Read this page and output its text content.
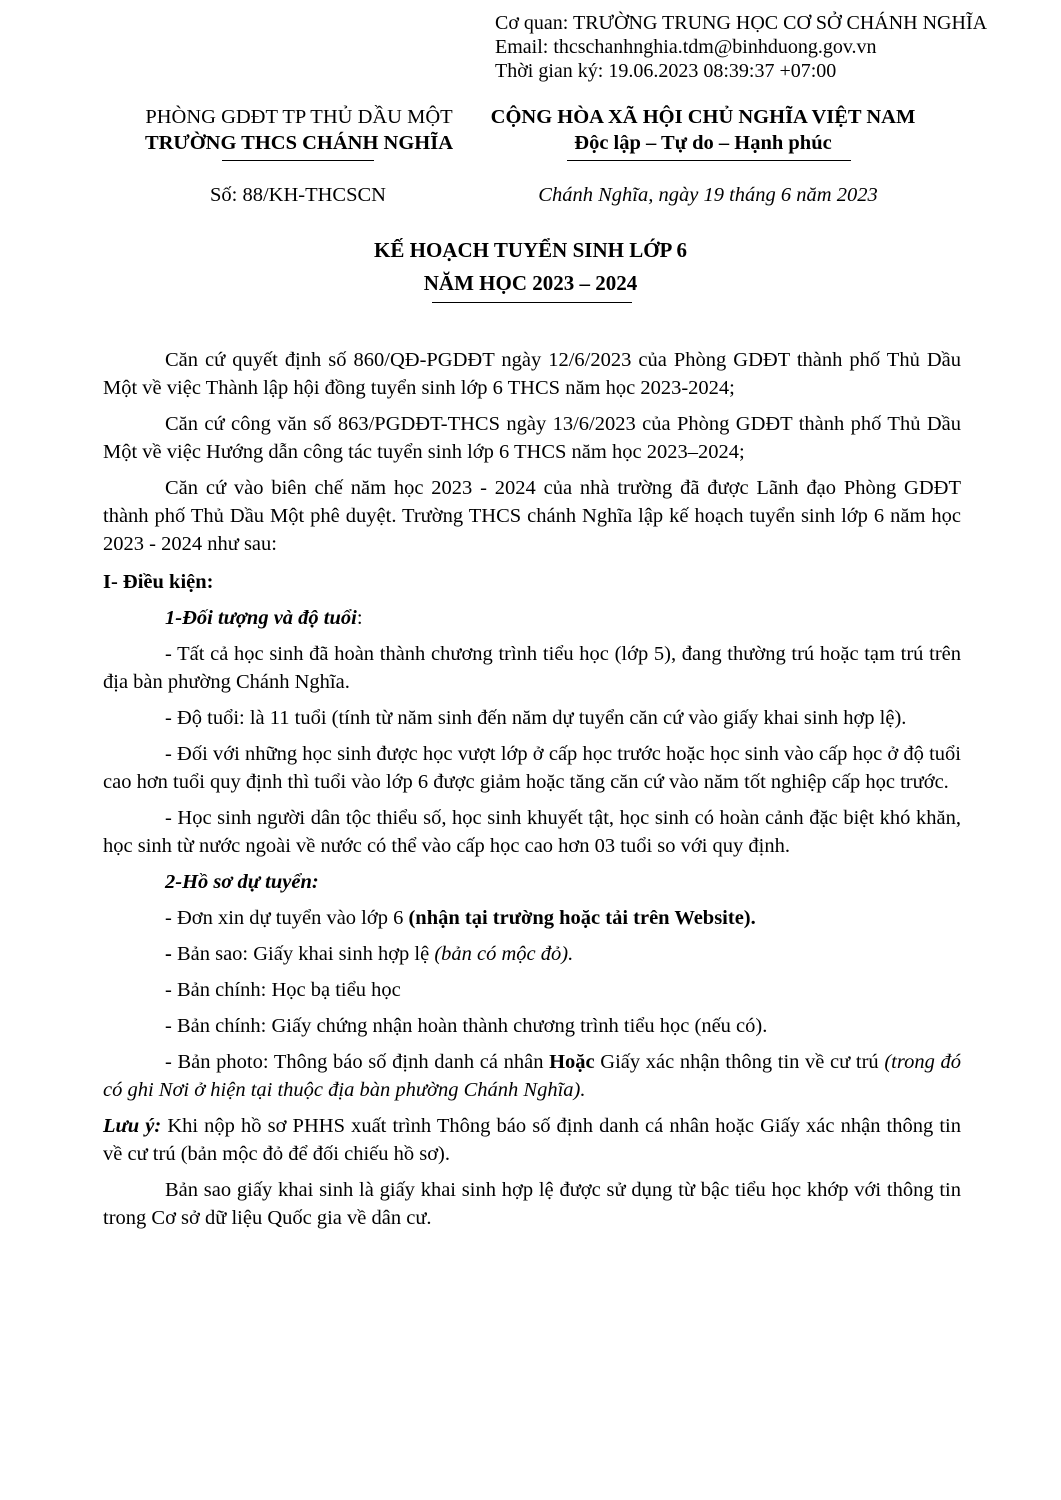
Cơ quan: TRƯỜNG TRUNG HỌC CƠ SỞ CHÁNH NGHĨA
Email: thcschanhnghia.tdm@binhduong.gov.vn
Thời gian ký: 19.06.2023 08:39:37 +07:00
PHÒNG GDĐT TP THỦ DẦU MỘT
TRƯỜNG THCS CHÁNH NGHĨA
CỘNG HÒA XÃ HỘI CHỦ NGHĨA VIỆT NAM
Độc lập – Tự do – Hạnh phúc
Số: 88/KH-THCSCN	Chánh Nghĩa, ngày 19 tháng 6 năm 2023
KẾ HOẠCH TUYỂN SINH LỚP 6
NĂM HỌC 2023 – 2024

Căn cứ quyết định số 860/QĐ-PGDĐT ngày 12/6/2023 của Phòng GDĐT thành phố Thủ Dầu Một về việc Thành lập hội đồng tuyển sinh lớp 6 THCS năm học 2023-2024;

Căn cứ công văn số 863/PGDĐT-THCS ngày 13/6/2023 của Phòng GDĐT thành phố Thủ Dầu Một về việc Hướng dẫn công tác tuyển sinh lớp 6 THCS năm học 2023–2024;

Căn cứ vào biên chế năm học 2023 - 2024 của nhà trường đã được Lãnh đạo Phòng GDĐT thành phố Thủ Dầu Một phê duyệt. Trường THCS chánh Nghĩa lập kế hoạch tuyển sinh lớp 6 năm học 2023 - 2024 như sau:

I- Điều kiện:

1-Đối tượng và độ tuổi:

- Tất cả học sinh đã hoàn thành chương trình tiểu học (lớp 5), đang thường trú hoặc tạm trú trên địa bàn phường Chánh Nghĩa.

- Độ tuổi: là 11 tuổi (tính từ năm sinh đến năm dự tuyển căn cứ vào giấy khai sinh hợp lệ).

- Đối với những học sinh được học vượt lớp ở cấp học trước hoặc học sinh vào cấp học ở độ tuổi cao hơn tuổi quy định thì tuổi vào lớp 6 được giảm hoặc tăng căn cứ vào năm tốt nghiệp cấp học trước.

- Học sinh người dân tộc thiểu số, học sinh khuyết tật, học sinh có hoàn cảnh đặc biệt khó khăn, học sinh từ nước ngoài về nước có thể vào cấp học cao hơn 03 tuổi so với quy định.

2-Hồ sơ dự tuyển:

- Đơn xin dự tuyển vào lớp 6 (nhận tại trường hoặc tải trên Website).

- Bản sao: Giấy khai sinh hợp lệ (bản có mộc đỏ).

- Bản chính: Học bạ tiểu học

- Bản chính: Giấy chứng nhận hoàn thành chương trình tiểu học (nếu có).

- Bản photo: Thông báo số định danh cá nhân Hoặc Giấy xác nhận thông tin về cư trú (trong đó có ghi Nơi ở hiện tại thuộc địa bàn phường Chánh Nghĩa).

Lưu ý: Khi nộp hồ sơ PHHS xuất trình Thông báo số định danh cá nhân hoặc Giấy xác nhận thông tin về cư trú (bản mộc đỏ để đối chiếu hồ sơ).

Bản sao giấy khai sinh là giấy khai sinh hợp lệ được sử dụng từ bậc tiểu học khớp với thông tin trong Cơ sở dữ liệu Quốc gia về dân cư.
